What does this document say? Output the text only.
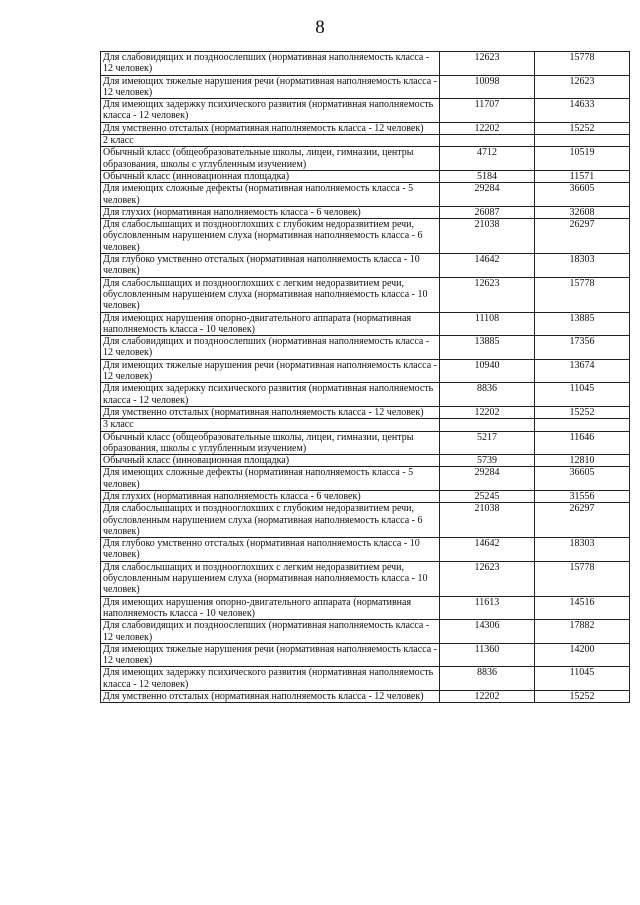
8
Для слабовидящих и поздноослепших (нормативная наполняемость класса - 12 человек)	12623	15778
Для имеющих тяжелые нарушения речи (нормативная наполняемость класса - 12 человек)	10098	12623
Для имеющих задержку психического развития (нормативная наполняемость класса - 12 человек)	11707	14633
Для умственно отсталых (нормативная наполняемость класса - 12 человек)	12202	15252
2 класс		
Обычный класс (общеобразовательные школы, лицеи, гимназии, центры образования, школы с углубленным изучением)	4712	10519
Обычный класс (инновационная площадка)	5184	11571
Для имеющих сложные дефекты (нормативная наполняемость класса - 5 человек)	29284	36605
Для глухих (нормативная наполняемость класса - 6 человек)	26087	32608
Для слабослышащих и позднооглохших с глубоким недоразвитием речи, обусловленным нарушением слуха (нормативная наполняемость класса - 6 человек)	21038	26297
Для глубоко умственно отсталых (нормативная наполняемость класса - 10 человек)	14642	18303
Для слабослышащих и позднооглохших с легким недоразвитием речи, обусловленным нарушением слуха (нормативная наполняемость класса - 10 человек)	12623	15778
Для имеющих нарушения опорно-двигательного аппарата (нормативная наполняемость класса - 10 человек)	11108	13885
Для слабовидящих и поздноослепших (нормативная наполняемость класса - 12 человек)	13885	17356
Для имеющих тяжелые нарушения речи (нормативная наполняемость класса - 12 человек)	10940	13674
Для имеющих задержку психического развития (нормативная наполняемость класса - 12 человек)	8836	11045
Для умственно отсталых (нормативная наполняемость класса - 12 человек)	12202	15252
3 класс		
Обычный класс (общеобразовательные школы, лицеи, гимназии, центры образования, школы с углубленным изучением)	5217	11646
Обычный класс (инновационная площадка)	5739	12810
Для имеющих сложные дефекты (нормативная наполняемость класса - 5 человек)	29284	36605
Для глухих (нормативная наполняемость класса - 6 человек)	25245	31556
Для слабослышащих и позднооглохших с глубоким недоразвитием речи, обусловленным нарушением слуха (нормативная наполняемость класса - 6 человек)	21038	26297
Для глубоко умственно отсталых (нормативная наполняемость класса - 10 человек)	14642	18303
Для слабослышащих и позднооглохших с легким недоразвитием речи, обусловленным нарушением слуха (нормативная наполняемость класса - 10 человек)	12623	15778
Для имеющих нарушения опорно-двигательного аппарата (нормативная наполняемость класса - 10 человек)	11613	14516
Для слабовидящих и поздноослепших (нормативная наполняемость класса - 12 человек)	14306	17882
Для имеющих тяжелые нарушения речи (нормативная наполняемость класса - 12 человек)	11360	14200
Для имеющих задержку психического развития (нормативная наполняемость класса - 12 человек)	8836	11045
Для умственно отсталых (нормативная наполняемость класса - 12 человек)	12202	15252
